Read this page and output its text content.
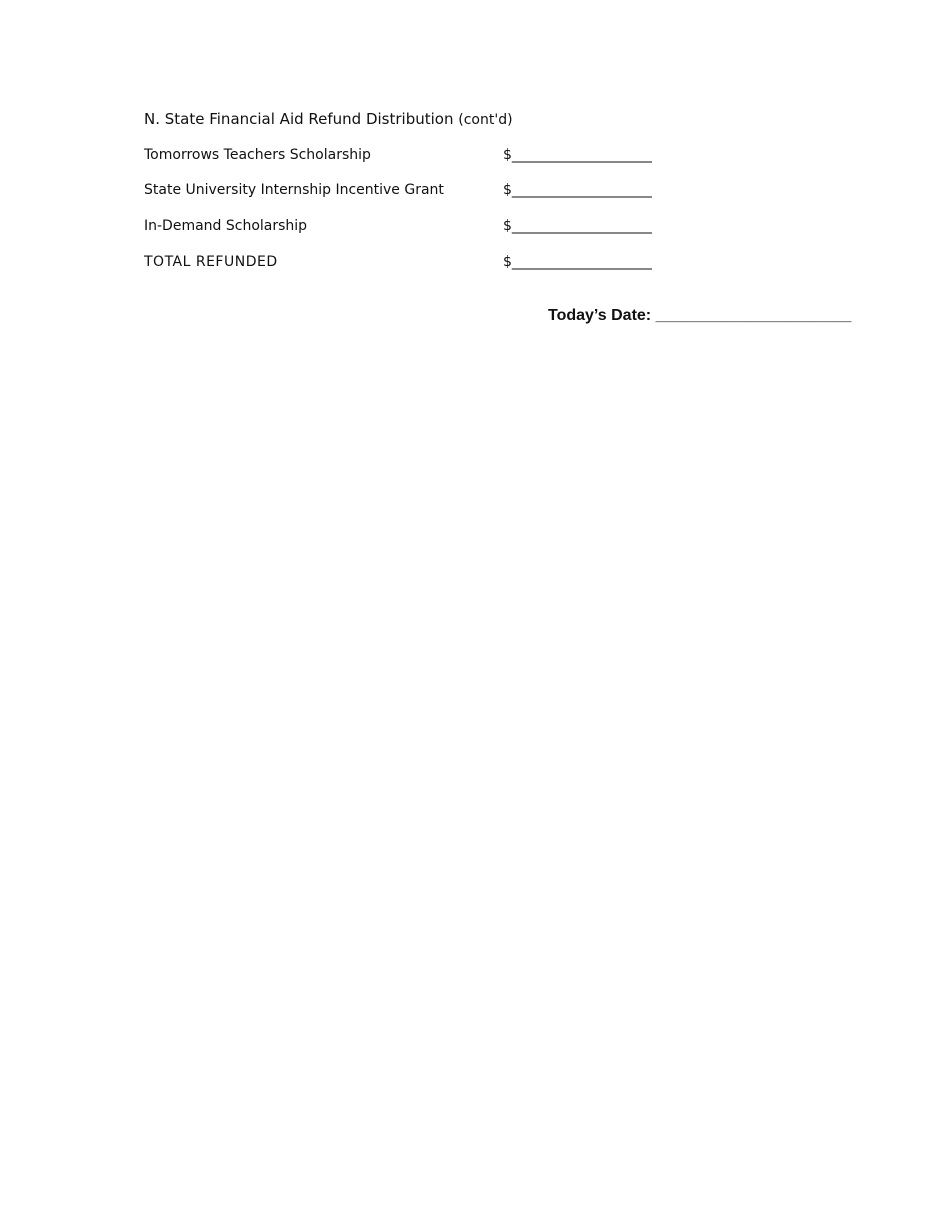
N. State Financial Aid Refund Distribution (cont'd)
Tomorrows Teachers Scholarship	$____________________
State University Internship Incentive Grant	$____________________
In-Demand Scholarship	$____________________
TOTAL REFUNDED	$____________________
Today’s Date: ______________________
